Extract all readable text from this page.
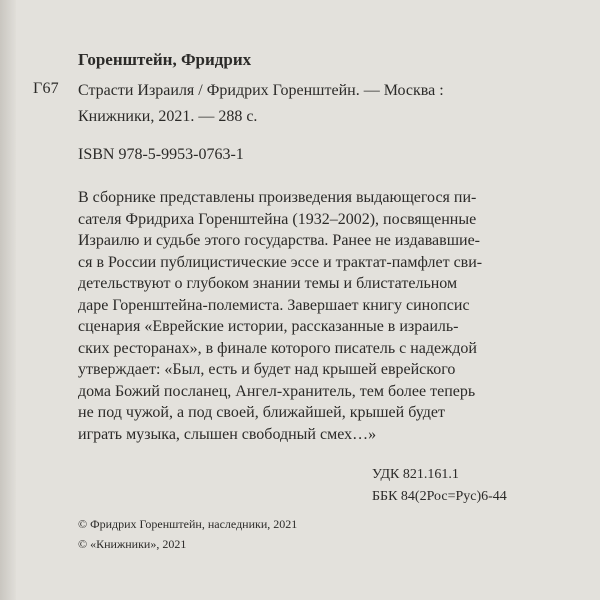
Г67
Горенштейн, Фридрих
Страсти Израиля / Фридрих Горенштейн. — Москва :
Книжники, 2021. — 288 с.
ISBN 978-5-9953-0763-1
В сборнике представлены произведения выдающегося пи-
сателя Фридриха Горенштейна (1932–2002), посвященные
Израилю и судьбе этого государства. Ранее не издававшие-
ся в России публицистические эссе и трактат-памфлет сви-
детельствуют о глубоком знании темы и блистательном
даре Горенштейна-полемиста. Завершает книгу синопсис
сценария «Еврейские истории, рассказанные в израиль-
ских ресторанах», в финале которого писатель с надеждой
утверждает: «Был, есть и будет над крышей еврейского
дома Божий посланец, Ангел-хранитель, тем более теперь
не под чужой, а под своей, ближайшей, крышей будет
играть музыка, слышен свободный смех…»
УДК 821.161.1
ББК 84(2Рос=Рус)6-44
© Фридрих Горенштейн, наследники, 2021
© «Книжники», 2021
